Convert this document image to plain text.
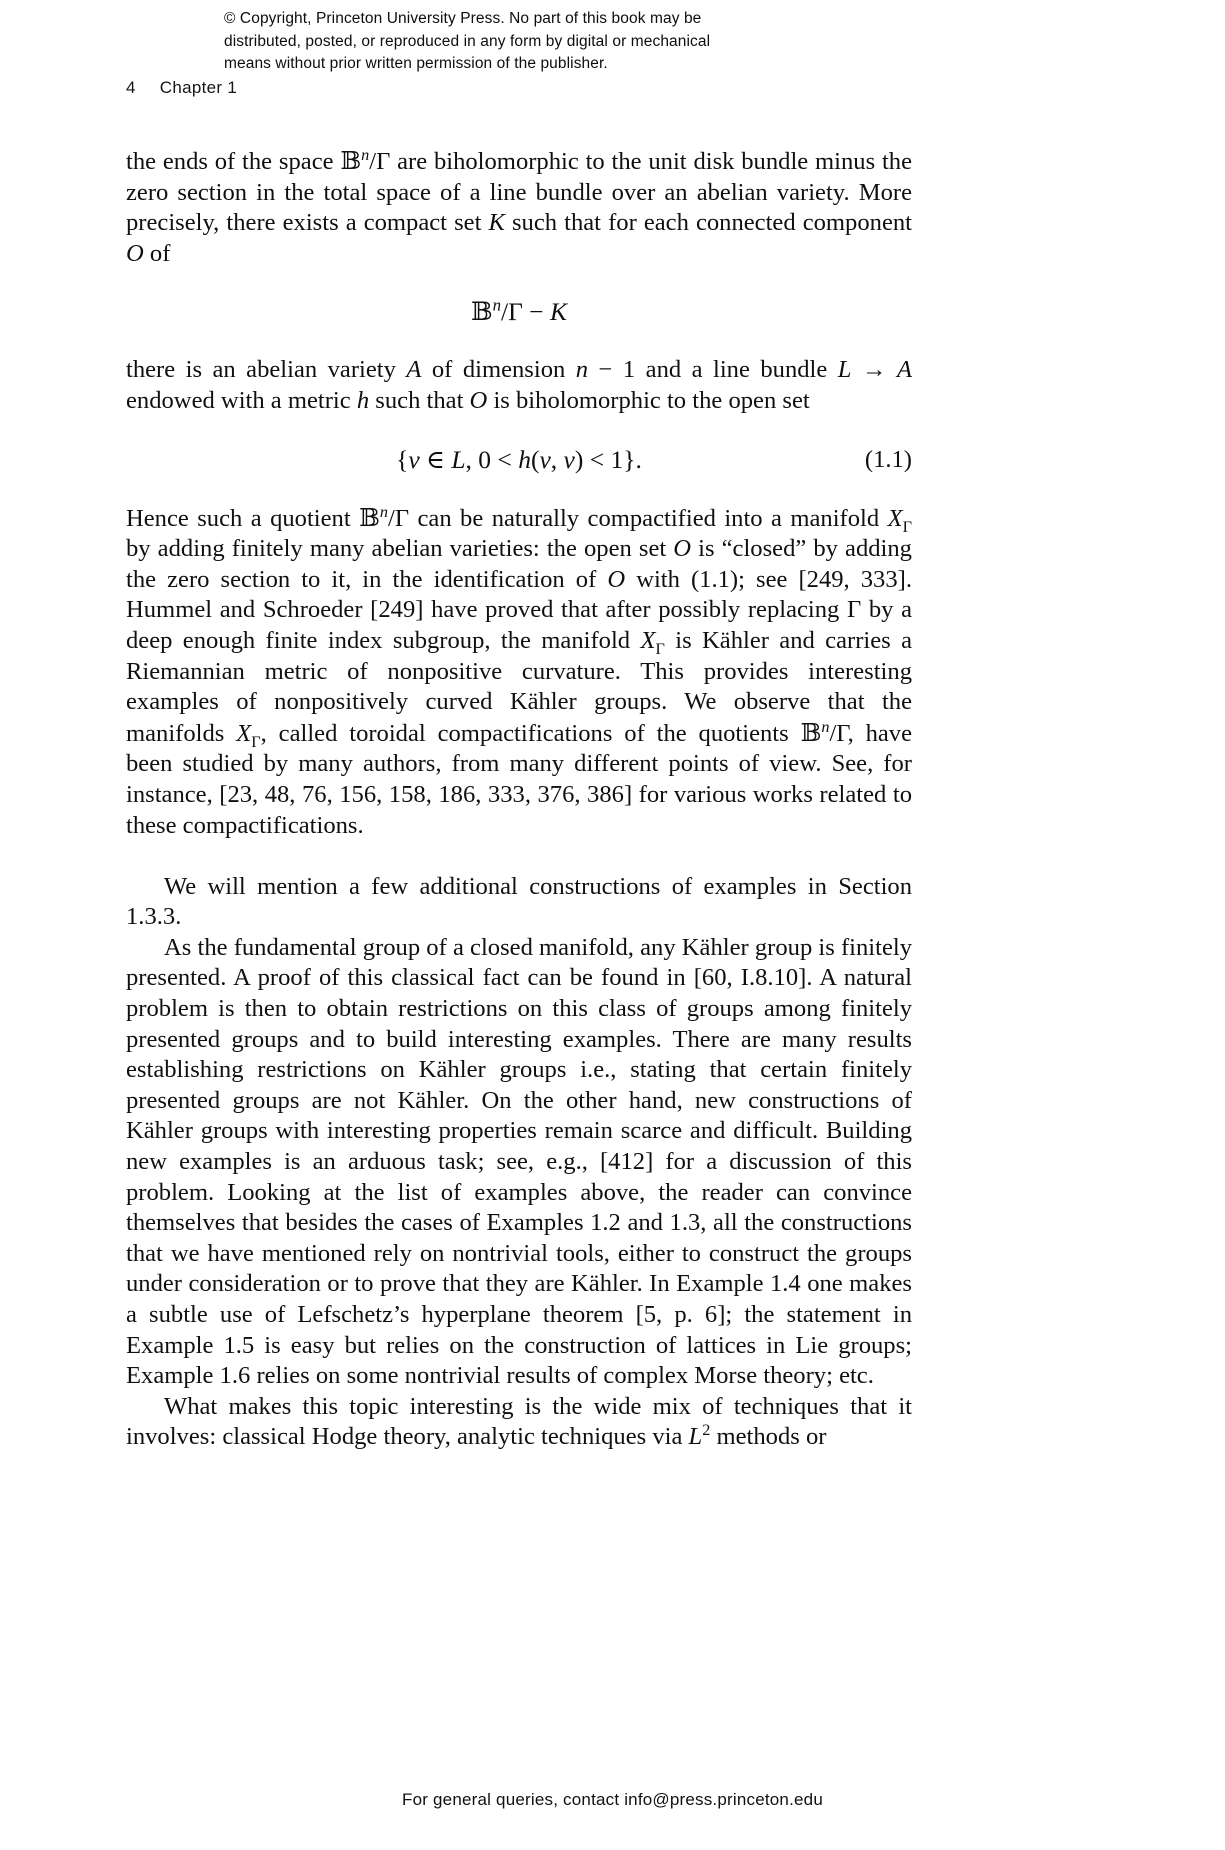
© Copyright, Princeton University Press. No part of this book may be
distributed, posted, or reproduced in any form by digital or mechanical
means without prior written permission of the publisher.
4 Chapter 1

the ends of the space 𝔹$^n$/Γ are biholomorphic to the unit disk bundle minus the zero section in the total space of a line bundle over an abelian variety. More precisely, there exists a compact set K such that for each connected component O of

𝔹$^n$/Γ − K

there is an abelian variety A of dimension n − 1 and a line bundle L → A endowed with a metric h such that O is biholomorphic to the open set

{v ∈ L, 0 < h(v, v) < 1}.	(1.1)

Hence such a quotient 𝔹$^n$/Γ can be naturally compactified into a manifold $X_\Gamma$ by adding finitely many abelian varieties: the open set O is “closed” by adding the zero section to it, in the identification of O with (1.1); see [249, 333]. Hummel and Schroeder [249] have proved that after possibly replacing Γ by a deep enough finite index subgroup, the manifold $X_\Gamma$ is Kähler and carries a Riemannian metric of nonpositive curvature. This provides interesting examples of nonpositively curved Kähler groups. We observe that the manifolds $X_\Gamma$, called toroidal compactifications of the quotients 𝔹$^n$/Γ, have been studied by many authors, from many different points of view. See, for instance, [23, 48, 76, 156, 158, 186, 333, 376, 386] for various works related to these compactifications.

We will mention a few additional constructions of examples in Section 1.3.3.

As the fundamental group of a closed manifold, any Kähler group is finitely presented. A proof of this classical fact can be found in [60, I.8.10]. A natural problem is then to obtain restrictions on this class of groups among finitely presented groups and to build interesting examples. There are many results establishing restrictions on Kähler groups i.e., stating that certain finitely presented groups are not Kähler. On the other hand, new constructions of Kähler groups with interesting properties remain scarce and difficult. Building new examples is an arduous task; see, e.g., [412] for a discussion of this problem. Looking at the list of examples above, the reader can convince themselves that besides the cases of Examples 1.2 and 1.3, all the constructions that we have mentioned rely on nontrivial tools, either to construct the groups under consideration or to prove that they are Kähler. In Example 1.4 one makes a subtle use of Lefschetz’s hyperplane theorem [5, p. 6]; the statement in Example 1.5 is easy but relies on the construction of lattices in Lie groups; Example 1.6 relies on some nontrivial results of complex Morse theory; etc.

What makes this topic interesting is the wide mix of techniques that it involves: classical Hodge theory, analytic techniques via $L^2$ methods or

For general queries, contact info@press.princeton.edu
